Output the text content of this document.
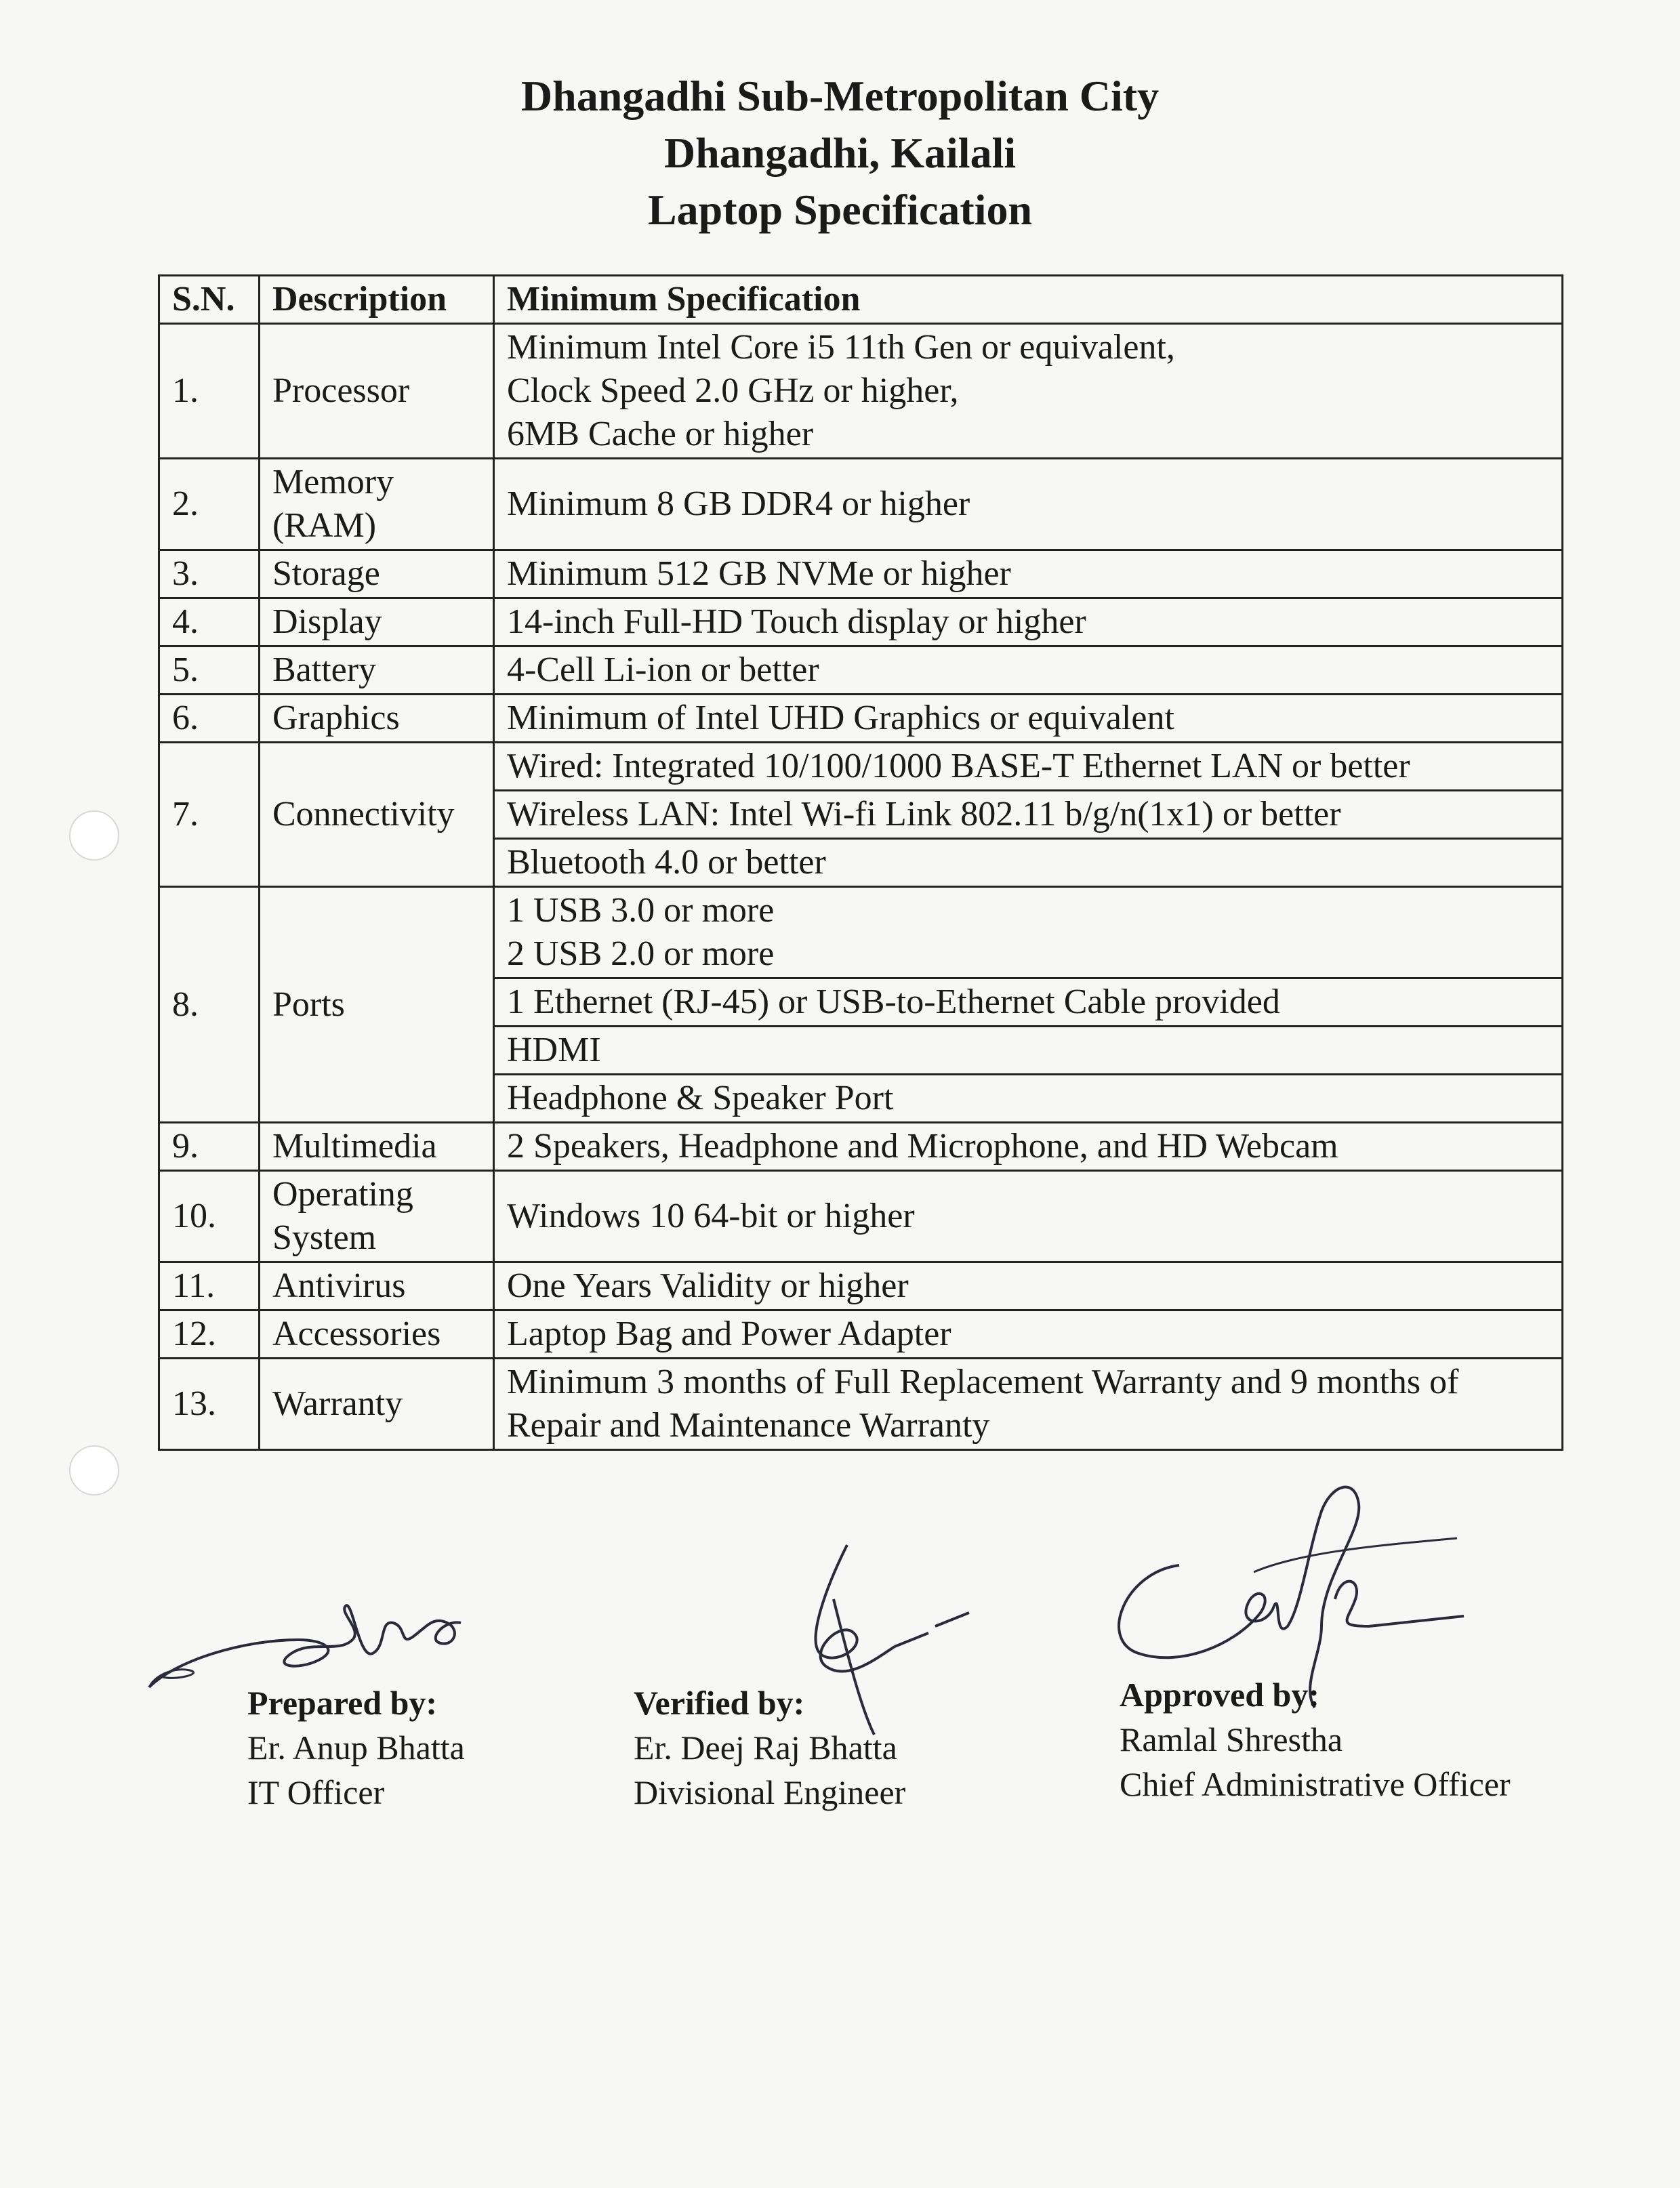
Dhangadhi Sub-Metropolitan City
Dhangadhi, Kailali
Laptop Specification
S.N.	Description	Minimum Specification
1.	Processor	Minimum Intel Core i5 11th Gen or equivalent,
Clock Speed 2.0 GHz or higher,
6MB Cache or higher
2.	Memory (RAM)	Minimum 8 GB DDR4 or higher
3.	Storage	Minimum 512 GB NVMe or higher
4.	Display	14-inch Full-HD Touch display or higher
5.	Battery	4-Cell Li-ion or better
6.	Graphics	Minimum of Intel UHD Graphics or equivalent
7.	Connectivity	Wired: Integrated 10/100/1000 BASE-T Ethernet LAN or better
		Wireless LAN: Intel Wi-fi Link 802.11 b/g/n(1x1) or better
		Bluetooth 4.0 or better
8.	Ports	1 USB 3.0 or more
2 USB 2.0 or more
		1 Ethernet (RJ-45) or USB-to-Ethernet Cable provided
		HDMI
		Headphone & Speaker Port
9.	Multimedia	2 Speakers, Headphone and Microphone, and HD Webcam
10.	Operating System	Windows 10 64-bit or higher
11.	Antivirus	One Years Validity or higher
12.	Accessories	Laptop Bag and Power Adapter
13.	Warranty	Minimum 3 months of Full Replacement Warranty and 9 months of Repair and Maintenance Warranty
Prepared by:
Er. Anup Bhatta
IT Officer
Verified by:
Er. Deej Raj Bhatta
Divisional Engineer
Approved by:
Ramlal Shrestha
Chief Administrative Officer
